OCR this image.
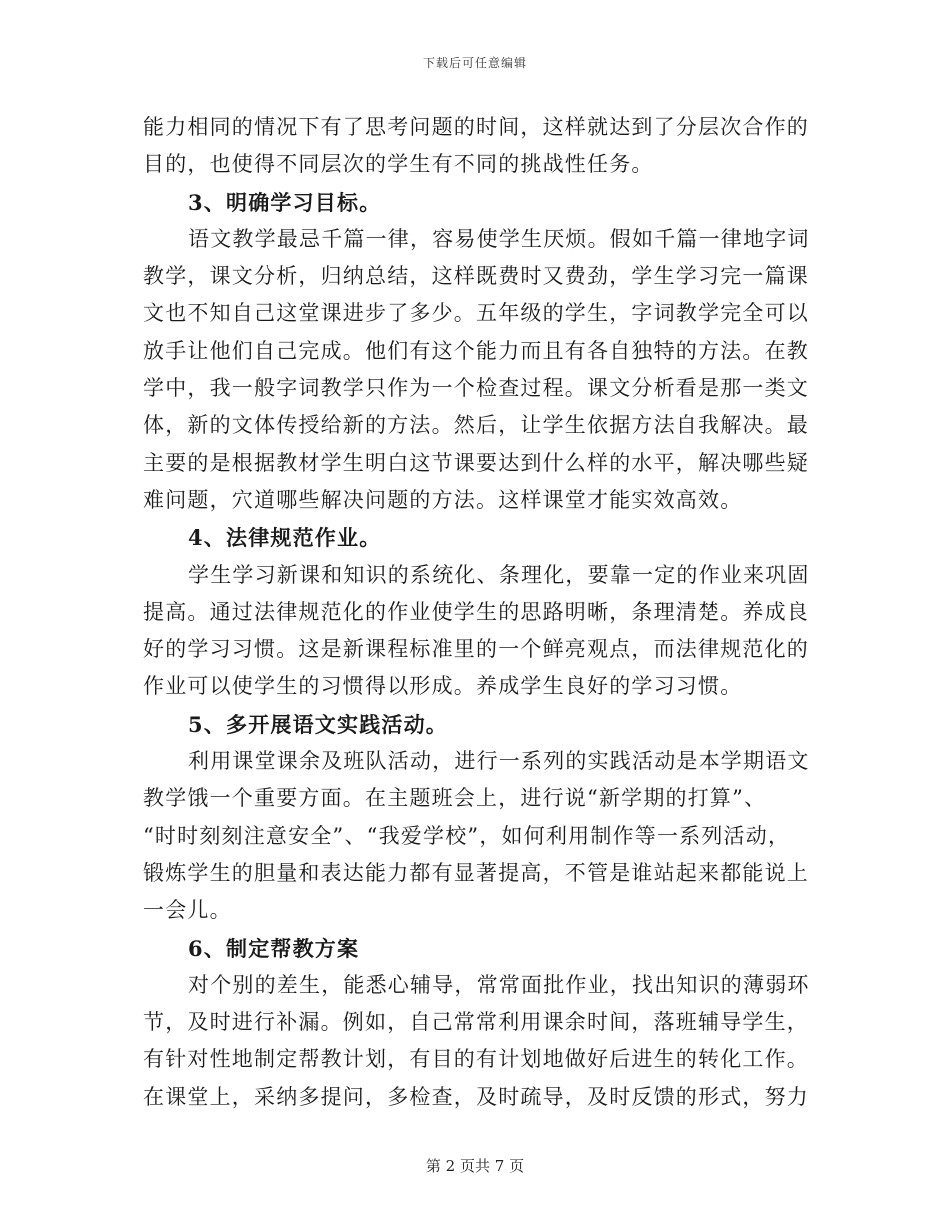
下载后可任意编辑
能力相同的情况下有了思考问题的时间，这样就达到了分层次合作的
目的，也使得不同层次的学生有不同的挑战性任务。
3、明确学习目标。
语文教学最忌千篇一律，容易使学生厌烦。假如千篇一律地字词
教学，课文分析，归纳总结，这样既费时又费劲，学生学习完一篇课
文也不知自己这堂课进步了多少。五年级的学生，字词教学完全可以
放手让他们自己完成。他们有这个能力而且有各自独特的方法。在教
学中，我一般字词教学只作为一个检查过程。课文分析看是那一类文
体，新的文体传授给新的方法。然后，让学生依据方法自我解决。最
主要的是根据教材学生明白这节课要达到什么样的水平，解决哪些疑
难问题，穴道哪些解决问题的方法。这样课堂才能实效高效。
4、法律规范作业。
学生学习新课和知识的系统化、条理化，要靠一定的作业来巩固
提高。通过法律规范化的作业使学生的思路明晰，条理清楚。养成良
好的学习习惯。这是新课程标准里的一个鲜亮观点，而法律规范化的
作业可以使学生的习惯得以形成。养成学生良好的学习习惯。
5、多开展语文实践活动。
利用课堂课余及班队活动，进行一系列的实践活动是本学期语文
教学饿一个重要方面。在主题班会上，进行说“新学期的打算”、
“时时刻刻注意安全”、“我爱学校”，如何利用制作等一系列活动，
锻炼学生的胆量和表达能力都有显著提高，不管是谁站起来都能说上
一会儿。
6、制定帮教方案
对个别的差生，能悉心辅导，常常面批作业，找出知识的薄弱环
节，及时进行补漏。例如，自己常常利用课余时间，落班辅导学生，
有针对性地制定帮教计划，有目的有计划地做好后进生的转化工作。
在课堂上，采纳多提问，多检查，及时疏导，及时反馈的形式，努力
第 2 页共 7 页
